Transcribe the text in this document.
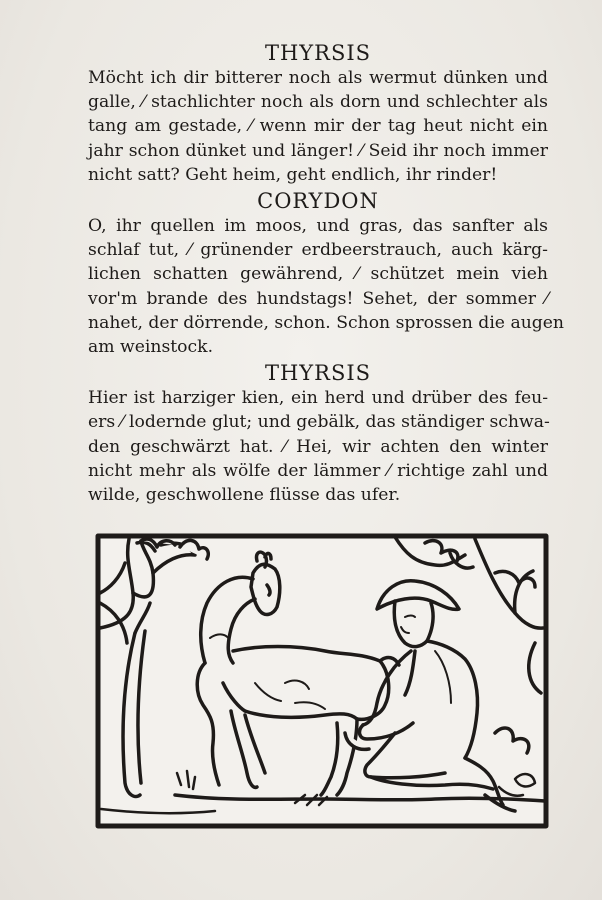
THYRSIS
Möcht ich dir bitterer noch als wermut dünken und
galle, ⁄ stachlichter noch als dorn und schlechter als
tang am gestade, ⁄ wenn mir der tag heut nicht ein
jahr schon dünket und länger! ⁄ Seid ihr noch immer
nicht satt? Geht heim, geht endlich, ihr rinder!
CORYDON
O, ihr quellen im moos, und gras, das sanfter als
schlaf tut, ⁄ grünender erdbeerstrauch, auch kärg-
lichen schatten gewährend, ⁄ schützet mein vieh
vor'm brande des hundstags! Sehet, der sommer ⁄
nahet, der dörrende, schon. Schon sprossen die augen
am weinstock.
THYRSIS
Hier ist harziger kien, ein herd und drüber des feu-
ers ⁄ lodernde glut; und gebälk, das ständiger schwa-
den geschwärzt hat. ⁄ Hei, wir achten den winter
nicht mehr als wölfe der lämmer ⁄ richtige zahl und
wilde, geschwollene flüsse das ufer.
